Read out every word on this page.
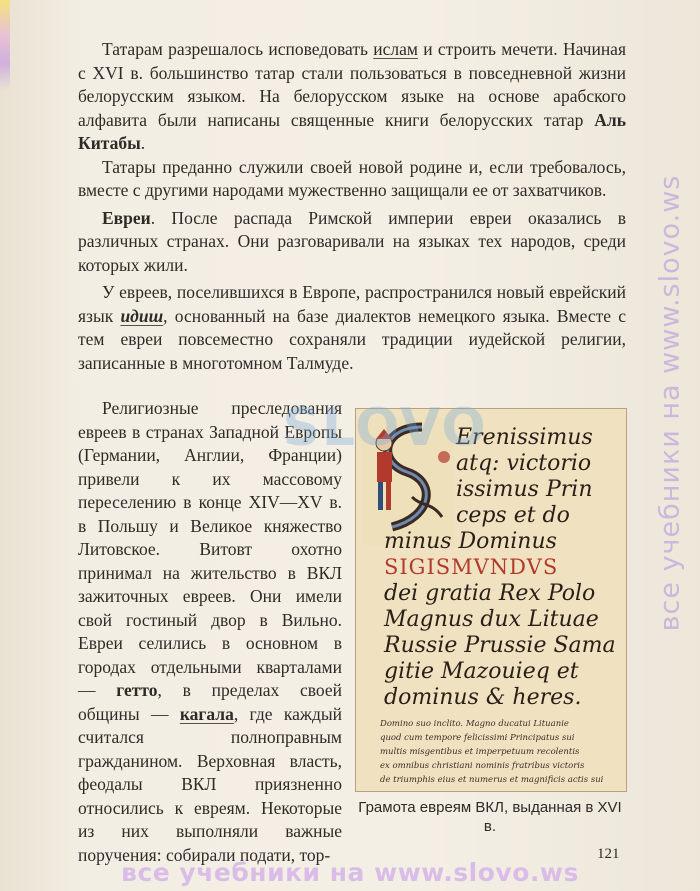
Татарам разрешалось исповедовать ислам и строить мечети. Начиная с XVI в. большинство татар стали пользоваться в повседневной жизни белорусским языком. На белорусском языке на основе арабского алфавита были написаны священные книги белорусских татар Аль Китабы.

Татары преданно служили своей новой родине и, если требовалось, вместе с другими народами мужественно защищали ее от захватчиков.

Евреи. После распада Римской империи евреи оказались в различных странах. Они разговаривали на языках тех народов, среди которых жили.

У евреев, поселившихся в Европе, распространился новый еврейский язык идиш, основанный на базе диалектов немецкого языка. Вместе с тем евреи повсеместно сохраняли традиции иудейской религии, записанные в многотомном Талмуде.

Религиозные преследования евреев в странах Западной Европы (Германии, Англии, Франции) привели к их массовому переселению в конце XIV—XV в. в Польшу и Великое княжество Литовское. Витовт охотно принимал на жительство в ВКЛ зажиточных евреев. Они имели свой гостиный двор в Вильно. Евреи селились в основном в городах отдельными кварталами — гетто, в пределах своей общины — кагала, где каждый считался полноправным гражданином. Верховная власть, феодалы ВКЛ приязненно относились к евреям. Некоторые из них выполняли важные поручения: собирали подати, тор-

Erenissimus
atq: victorio
issimus Prin
ceps et do
minus Dominus
SIGISMVNDVS
dei gratia Rex Polo
Magnus dux Lituae
Russie Prussie Sama
gitie Mazouieq et
dominus & heres.
Domino suo inclito. Magno ducatui Lituanie
quod cum tempore felicissimi Principatus sui
multis misgentibus et imperpetuum recolentis
ex omnibus christiani nominis fratribus victoris
de triumphis eius et numerus et magnificis actis sui
Грамота евреям ВКЛ, выданная в XVI в.
SLOVO	все учебники на www.slovo.ws
121
все учебники на www.slovo.ws
